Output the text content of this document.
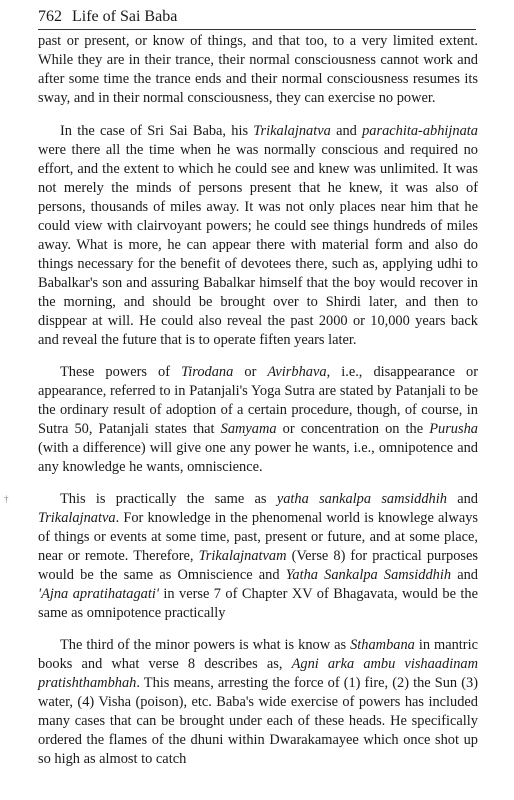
762 Life of Sai Baba

past or present, or know of things, and that too, to a very limited extent. While they are in their trance, their normal consciousness cannot work and after some time the trance ends and their normal consciousness resumes its sway, and in their normal consciousness, they can exercise no power.

In the case of Sri Sai Baba, his Trikalajnatva and parachita-abhijnata were there all the time when he was normally conscious and required no effort, and the extent to which he could see and knew was unlimited. It was not merely the minds of persons present that he knew, it was also of persons, thousands of miles away. It was not only places near him that he could view with clairvoyant powers; he could see things hundreds of miles away. What is more, he can appear there with material form and also do things necessary for the benefit of devotees there, such as, applying udhi to Babalkar's son and assuring Babalkar himself that the boy would recover in the morning, and should be brought over to Shirdi later, and then to disppear at will. He could also reveal the past 2000 or 10,000 years back and reveal the future that is to operate fiften years later.

These powers of Tirodana or Avirbhava, i.e., disappearance or appearance, referred to in Patanjali's Yoga Sutra are stated by Patanjali to be the ordinary result of adoption of a certain procedure, though, of course, in Sutra 50, Patanjali states that Samyama or concentration on the Purusha (with a difference) will give one any power he wants, i.e., omnipotence and any knowledge he wants, omniscience.

This is practically the same as yatha sankalpa samsiddhih and Trikalajnatva. For knowledge in the phenomenal world is knowlege always of things or events at some time, past, present or future, and at some place, near or remote. Therefore, Trikalajnatvam (Verse 8) for practical purposes would be the same as Omniscience and Yatha Sankalpa Samsiddhih and 'Ajna apratihatagati' in verse 7 of Chapter XV of Bhagavata, would be the same as omnipotence practically

The third of the minor powers is what is know as Sthambana in mantric books and what verse 8 describes as, Agni arka ambu vishaadinam pratishthambhah. This means, arresting the force of (1) fire, (2) the Sun (3) water, (4) Visha (poison), etc. Baba's wide exercise of powers has included many cases that can be brought under each of these heads. He specifically ordered the flames of the dhuni within Dwarakamayee which once shot up so high as almost to catch

†
